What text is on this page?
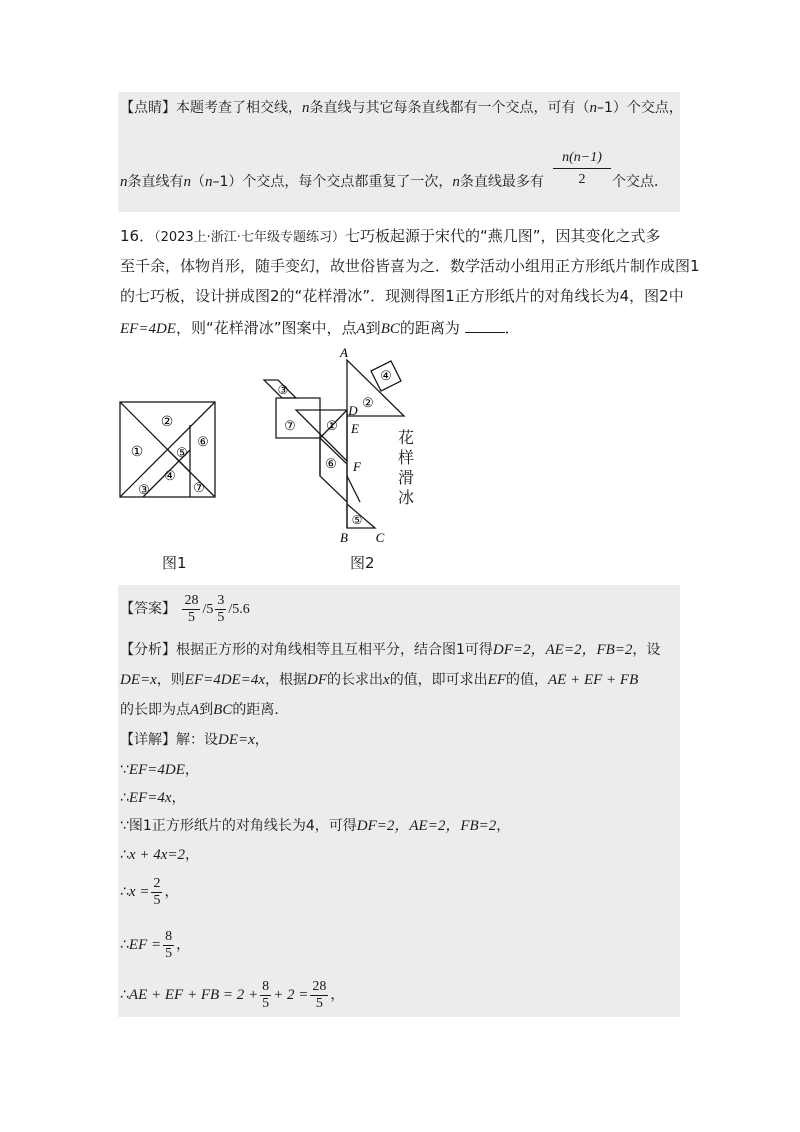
【点睛】本题考查了相交线，n条直线与其它每条直线都有一个交点，可有（n–1）个交点，
n条直线有n（n–1）个交点，每个交点都重复了一次，n条直线最多有
n(n−1)
2	个交点．
16．（2023上·浙江·七年级专题练习）七巧板起源于宋代的“燕几图”，因其变化之式多
至千余，体物肖形，随手变幻，故世俗皆喜为之．数学活动小组用正方形纸片制作成图1
的七巧板，设计拼成图2的“花样滑冰”．现测得图1正方形纸片的对角线长为4，图2中
EF=4DE，则“花样滑冰”图案中，点A到BC的距离为	．
②
①	⑤
⑥
④
③	⑦
图1
A
D
E
F
B C
②
④
③
⑦ ①
⑥
⑤
花
样
滑
冰
图2
【答案】 $\frac{28}{5} /5 \frac{3}{5} /5.6$
【分析】根据正方形的对角线相等且互相平分，结合图1可得DF=2，AE=2，FB=2，设
DE=x，则EF=4DE=4x，根据DF的长求出x的值，即可求出EF的值，AE + EF + FB
的长即为点A到BC的距离．
【详解】解：设DE=x，
∵EF=4DE，
∴EF=4x，
∵图1正方形纸片的对角线长为4，可得DF=2，AE=2，FB=2，
∴x + 4x=2，
∴x = $\frac{2}{5}$ ，
∴EF = $\frac{8}{5}$ ，
∴AE + EF + FB = $2 + \frac{8}{5} + 2 = \frac{28}{5}$ ，
